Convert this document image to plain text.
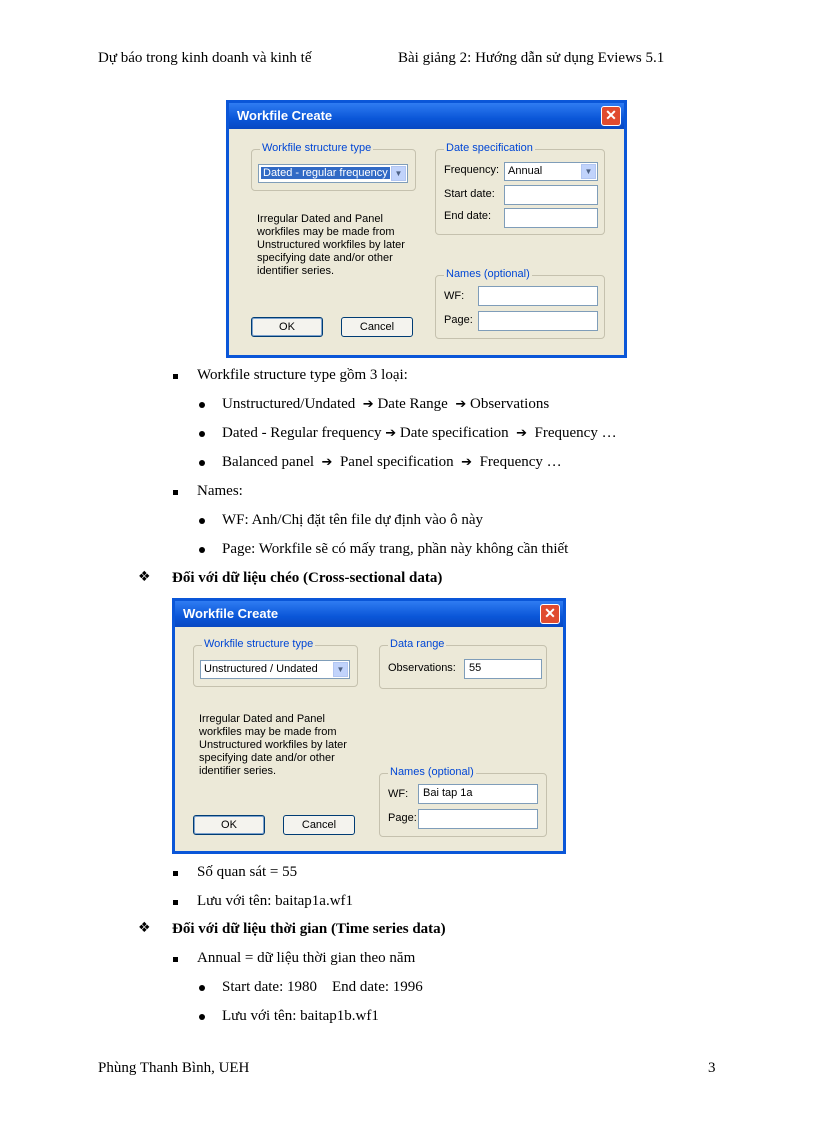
Dự báo trong kinh doanh và kinh tế	Bài giảng 2: Hướng dẫn sử dụng Eviews 5.1
Workfile Create	✕
Workfile structure type
Dated - regular frequency ▼
Irregular Dated and Panel workfiles may be made from Unstructured workfiles by later specifying date and/or other identifier series.
Date specification
Frequency: Annual	▼
Start date:
End date:
Names (optional)
WF:
Page:
OK	Cancel
Workfile structure type gồm 3 loại:
Unstructured/Undated ➔ Date Range ➔ Observations
Dated - Regular frequency ➔ Date specification ➔ Frequency …
Balanced panel ➔ Panel specification ➔ Frequency …
Names:
WF: Anh/Chị đặt tên file dự định vào ô này
Page: Workfile sẽ có mấy trang, phần này không cần thiết
❖ Đối với dữ liệu chéo (Cross-sectional data)
Workfile Create	✕
Workfile structure type
Unstructured / Undated	▼
Irregular Dated and Panel workfiles may be made from Unstructured workfiles by later specifying date and/or other identifier series.
Data range
Observations:	55
Names (optional)
WF:	Bai tap 1a
Page:
OK	Cancel
Số quan sát = 55
Lưu với tên: baitap1a.wf1
❖ Đối với dữ liệu thời gian (Time series data)
Annual = dữ liệu thời gian theo năm
Start date: 1980    End date: 1996
Lưu với tên: baitap1b.wf1
Phùng Thanh Bình, UEH	3
